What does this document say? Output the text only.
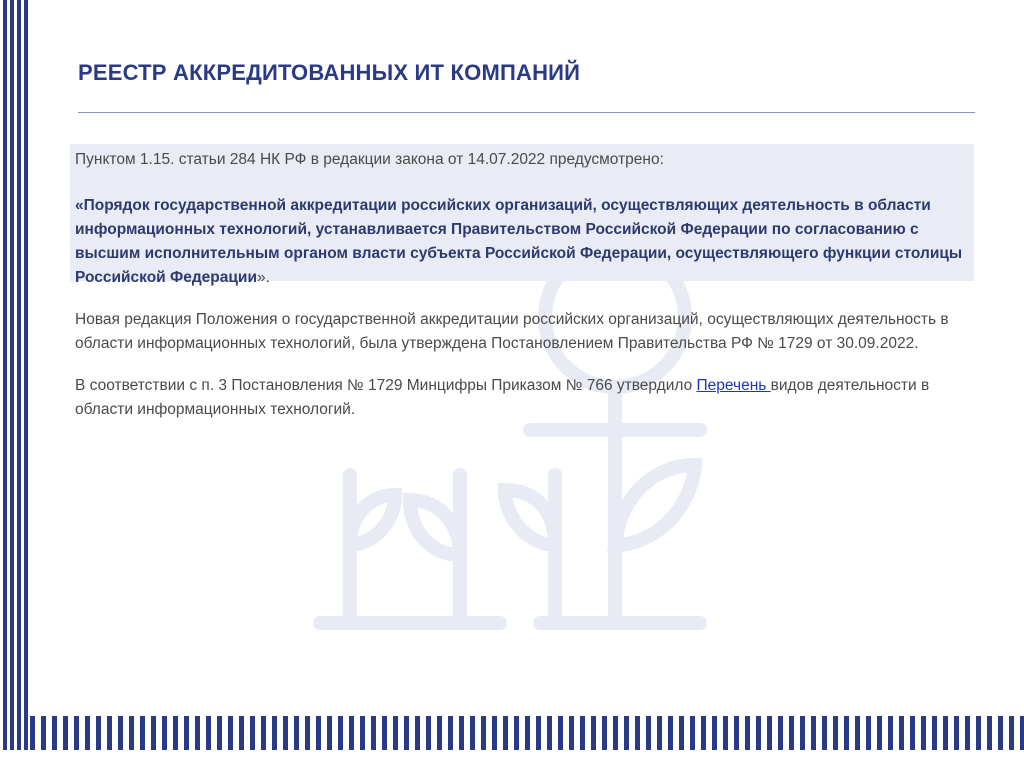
РЕЕСТР АККРЕДИТОВАННЫХ ИТ КОМПАНИЙ

Пунктом 1.15. статьи 284 НК РФ в редакции закона от 14.07.2022 предусмотрено:

«Порядок государственной аккредитации российских организаций, осуществляющих деятельность в области информационных технологий, устанавливается Правительством Российской Федерации по согласованию с высшим исполнительным органом власти субъекта Российской Федерации, осуществляющего функции столицы Российской Федерации».

Новая редакция Положения о государственной аккредитации российских организаций, осуществляющих деятельность в области информационных технологий, была утверждена Постановлением Правительства РФ № 1729 от 30.09.2022.

В соответствии с п. 3 Постановления № 1729 Минцифры Приказом № 766 утвердило Перечень видов деятельности в области информационных технологий.
